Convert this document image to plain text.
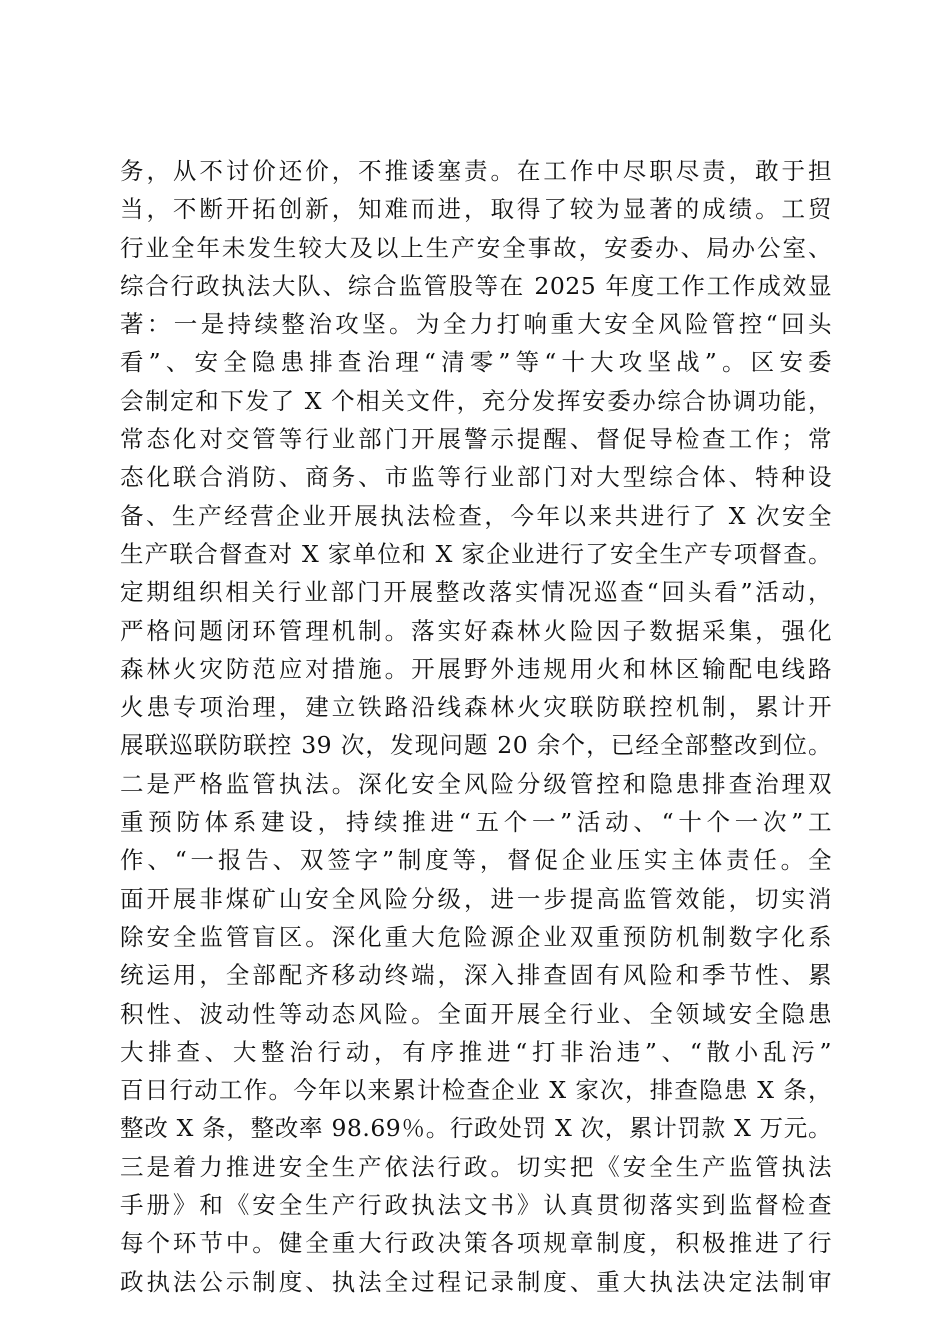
务，从不讨价还价，不推诿塞责。在工作中尽职尽责，敢于担
当，不断开拓创新，知难而进，取得了较为显著的成绩。工贸
行业全年未发生较大及以上生产安全事故，安委办、局办公室、
综合行政执法大队、综合监管股等在 2025 年度工作工作成效显
著：一是持续整治攻坚。为全力打响重大安全风险管控“回头
看”、安全隐患排查治理“清零”等“十大攻坚战”。区安委
会制定和下发了 X 个相关文件，充分发挥安委办综合协调功能，
常态化对交管等行业部门开展警示提醒、督促导检查工作；常
态化联合消防、商务、市监等行业部门对大型综合体、特种设
备、生产经营企业开展执法检查，今年以来共进行了 X 次安全
生产联合督查对 X 家单位和 X 家企业进行了安全生产专项督查。
定期组织相关行业部门开展整改落实情况巡查“回头看”活动，
严格问题闭环管理机制。落实好森林火险因子数据采集，强化
森林火灾防范应对措施。开展野外违规用火和林区输配电线路
火患专项治理，建立铁路沿线森林火灾联防联控机制，累计开
展联巡联防联控 39 次，发现问题 20 余个，已经全部整改到位。
二是严格监管执法。深化安全风险分级管控和隐患排查治理双
重预防体系建设，持续推进“五个一”活动、“十个一次”工
作、“一报告、双签字”制度等，督促企业压实主体责任。全
面开展非煤矿山安全风险分级，进一步提高监管效能，切实消
除安全监管盲区。深化重大危险源企业双重预防机制数字化系
统运用，全部配齐移动终端，深入排查固有风险和季节性、累
积性、波动性等动态风险。全面开展全行业、全领域安全隐患
大排查、大整治行动，有序推进“打非治违”、“散小乱污”
百日行动工作。今年以来累计检查企业 X 家次，排查隐患 X 条，
整改 X 条，整改率 98.69％。行政处罚 X 次，累计罚款 X 万元。
三是着力推进安全生产依法行政。切实把《安全生产监管执法
手册》和《安全生产行政执法文书》认真贯彻落实到监督检查
每个环节中。健全重大行政决策各项规章制度，积极推进了行
政执法公示制度、执法全过程记录制度、重大执法决定法制审
